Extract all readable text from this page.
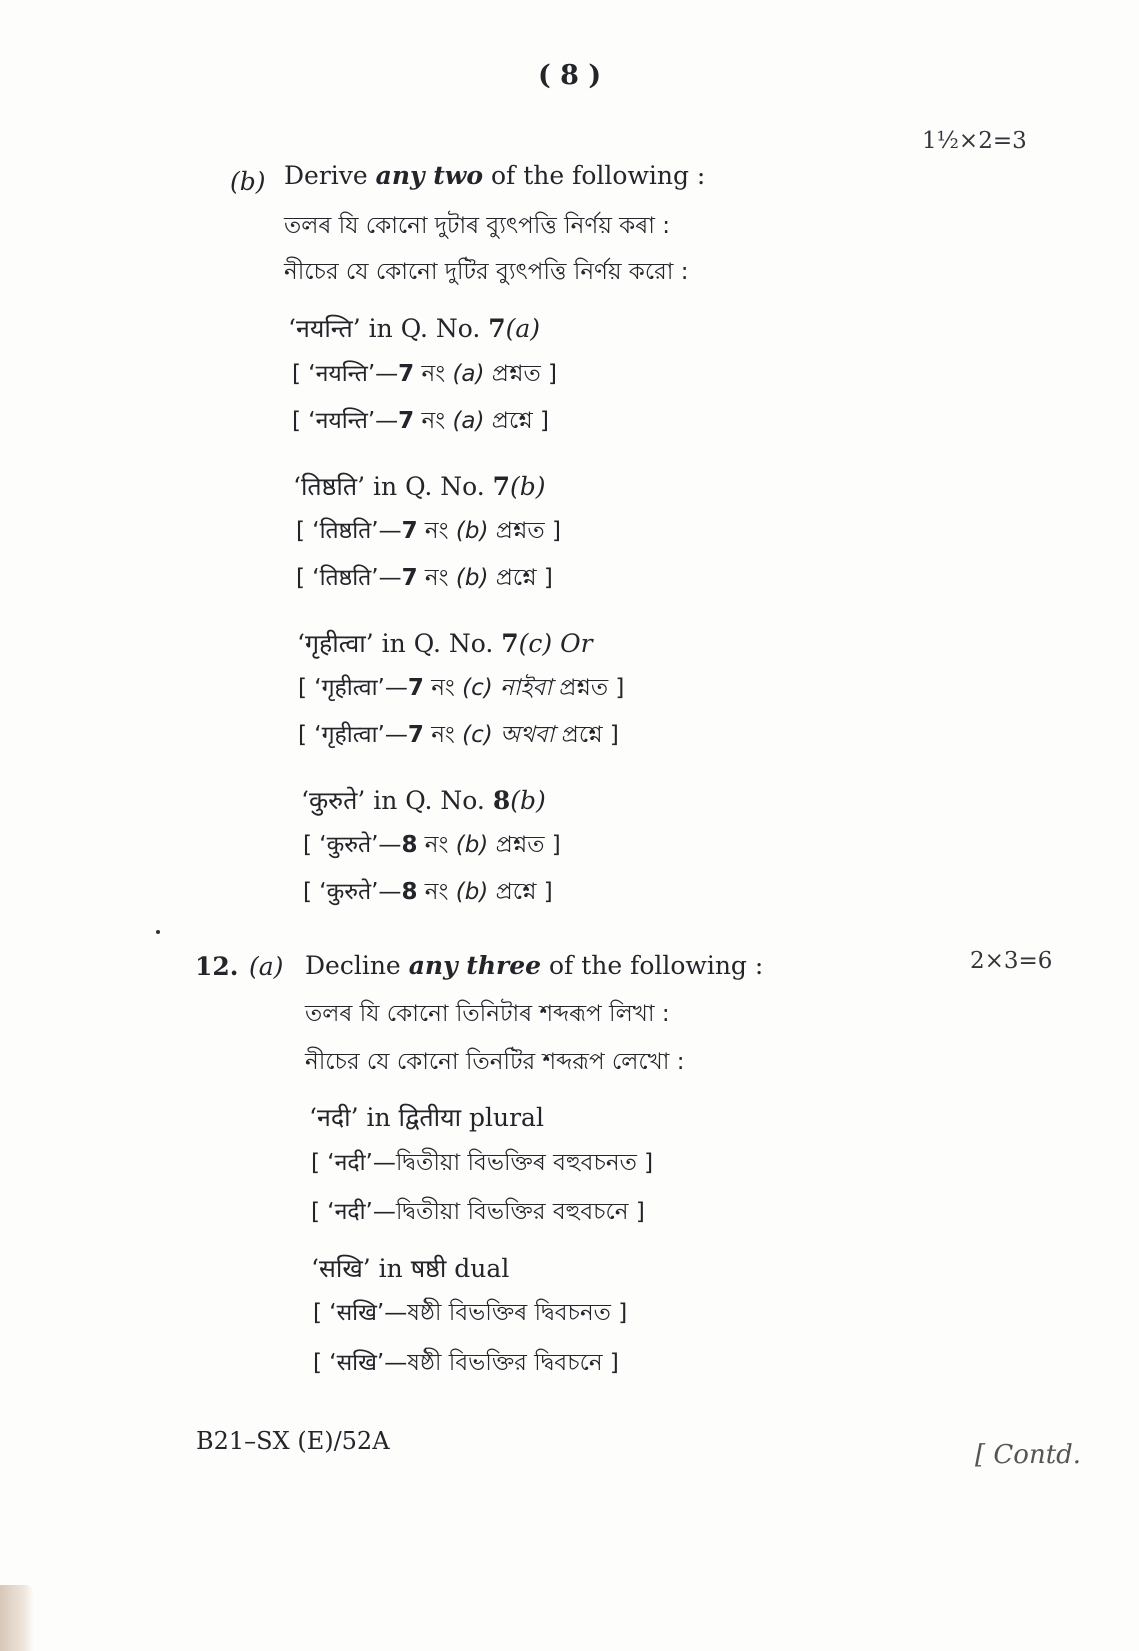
( 8 )
1½×2=3
(b) Derive any two of the following :
তলৰ যি কোনো দুটাৰ ব্যুৎপত্তি নিৰ্ণয় কৰা :
নীচের যে কোনো দুটির ব্যুৎপত্তি নির্ণয় করো :
‘नयन्ति’ in Q. No. 7(a)
[ ‘नयन्ति’—7 নং (a) প্ৰশ্নত ]
[ ‘नयन्ति’—7 নং (a) প্রশ্নে ]
‘तिष्ठति’ in Q. No. 7(b)
[ ‘तिष्ठति’—7 নং (b) প্ৰশ্নত ]
[ ‘तिष्ठति’—7 নং (b) প্রশ্নে ]
‘गृहीत्वा’ in Q. No. 7(c) Or
[ ‘गृहीत्वा’—7 নং (c) নাইবা প্ৰশ্নত ]
[ ‘गृहीत्वा’—7 নং (c) অথবা প্রশ্নে ]
‘कुरुते’ in Q. No. 8(b)
[ ‘कुरुते’—8 নং (b) প্ৰশ্নত ]
[ ‘कुरुते’—8 নং (b) প্রশ্নে ]
12. (a) Decline any three of the following :	2×3=6
তলৰ যি কোনো তিনিটাৰ শব্দৰূপ লিখা :
নীচের যে কোনো তিনটির শব্দরূপ লেখো :
‘नदी’ in द्वितीया plural
[ ‘नदी’—দ্বিতীয়া বিভক্তিৰ বহুবচনত ]
[ ‘नदी’—দ্বিতীয়া বিভক্তির বহুবচনে ]
‘सखि’ in षष्ठी dual
[ ‘सखि’—ষষ্ঠী বিভক্তিৰ দ্বিবচনত ]
[ ‘सखि’—ষষ্ঠী বিভক্তির দ্বিবচনে ]
B21–SX (E)/52A	[ Contd.
